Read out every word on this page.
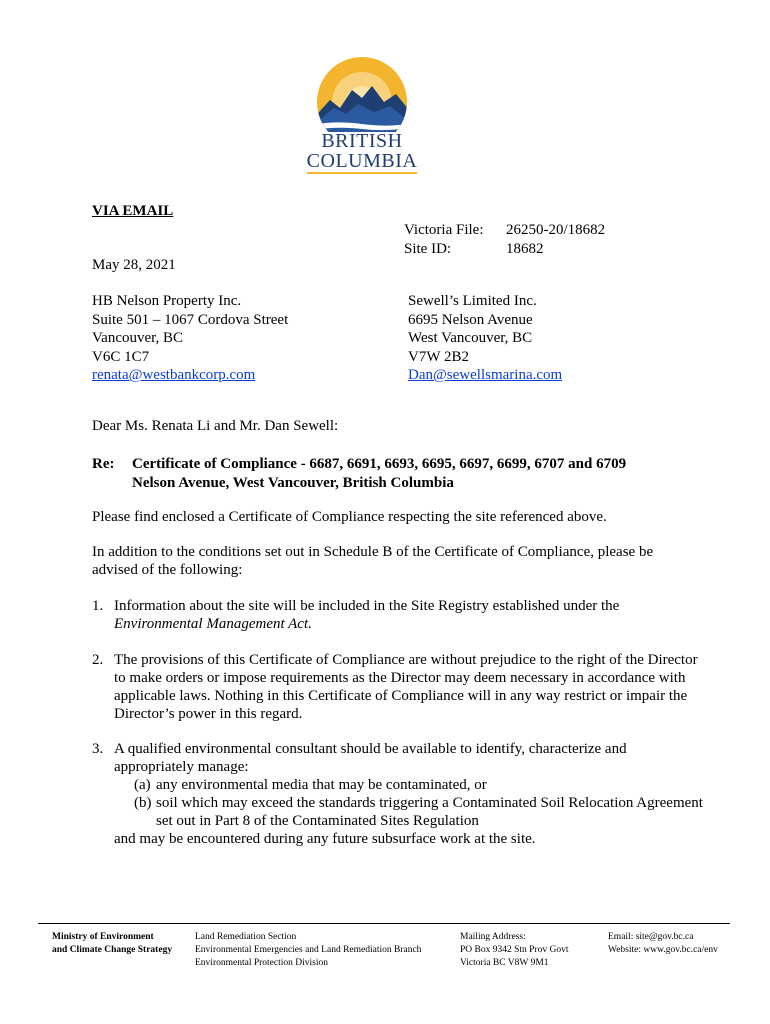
BRITISH
COLUMBIA
VIA EMAIL
Victoria File: 26250-20/18682
Site ID:	18682
May 28, 2021
HB Nelson Property Inc.
Suite 501 – 1067 Cordova Street
Vancouver, BC
V6C 1C7
renata@westbankcorp.com
Sewell’s Limited Inc.
6695 Nelson Avenue
West Vancouver, BC
V7W 2B2
Dan@sewellsmarina.com
Dear Ms. Renata Li and Mr. Dan Sewell:
Re: Certificate of Compliance - 6687, 6691, 6693, 6695, 6697, 6699, 6707 and 6709
Nelson Avenue, West Vancouver, British Columbia
Please find enclosed a Certificate of Compliance respecting the site referenced above.
In addition to the conditions set out in Schedule B of the Certificate of Compliance, please be advised of the following:
1. Information about the site will be included in the Site Registry established under the
Environmental Management Act.
2. The provisions of this Certificate of Compliance are without prejudice to the right of the Director to make orders or impose requirements as the Director may deem necessary in accordance with applicable laws. Nothing in this Certificate of Compliance will in any way restrict or impair the Director’s power in this regard.
3. A qualified environmental consultant should be available to identify, characterize and appropriately manage:
(a) any environmental media that may be contaminated, or
(b) soil which may exceed the standards triggering a Contaminated Soil Relocation Agreement set out in Part 8 of the Contaminated Sites Regulation
and may be encountered during any future subsurface work at the site.
Ministry of Environment
and Climate Change Strategy
Land Remediation Section
Environmental Emergencies and Land Remediation Branch
Environmental Protection Division
Mailing Address:
PO Box 9342 Stn Prov Govt
Victoria BC V8W 9M1
Email: site@gov.bc.ca
Website: www.gov.bc.ca/env
